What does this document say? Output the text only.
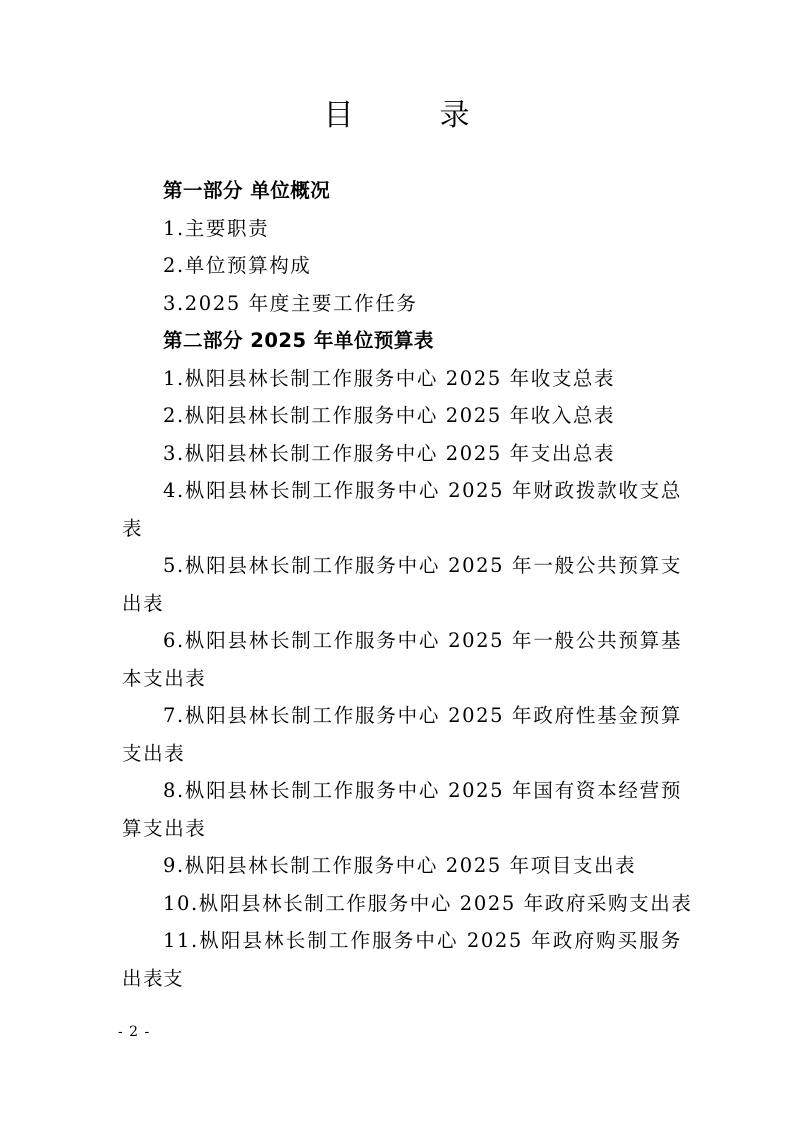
目　录
第一部分 单位概况
1.主要职责
2.单位预算构成
3.2025 年度主要工作任务
第二部分 2025 年单位预算表
1.枞阳县林长制工作服务中心 2025 年收支总表
2.枞阳县林长制工作服务中心 2025 年收入总表
3.枞阳县林长制工作服务中心 2025 年支出总表
4.枞阳县林长制工作服务中心 2025 年财政拨款收支总
表
5.枞阳县林长制工作服务中心 2025 年一般公共预算支
出表
6.枞阳县林长制工作服务中心 2025 年一般公共预算基
本支出表
7.枞阳县林长制工作服务中心 2025 年政府性基金预算
支出表
8.枞阳县林长制工作服务中心 2025 年国有资本经营预
算支出表
9.枞阳县林长制工作服务中心 2025 年项目支出表
10.枞阳县林长制工作服务中心 2025 年政府采购支出表
11.枞阳县林长制工作服务中心 2025 年政府购买服务支
出表
- 2 -
